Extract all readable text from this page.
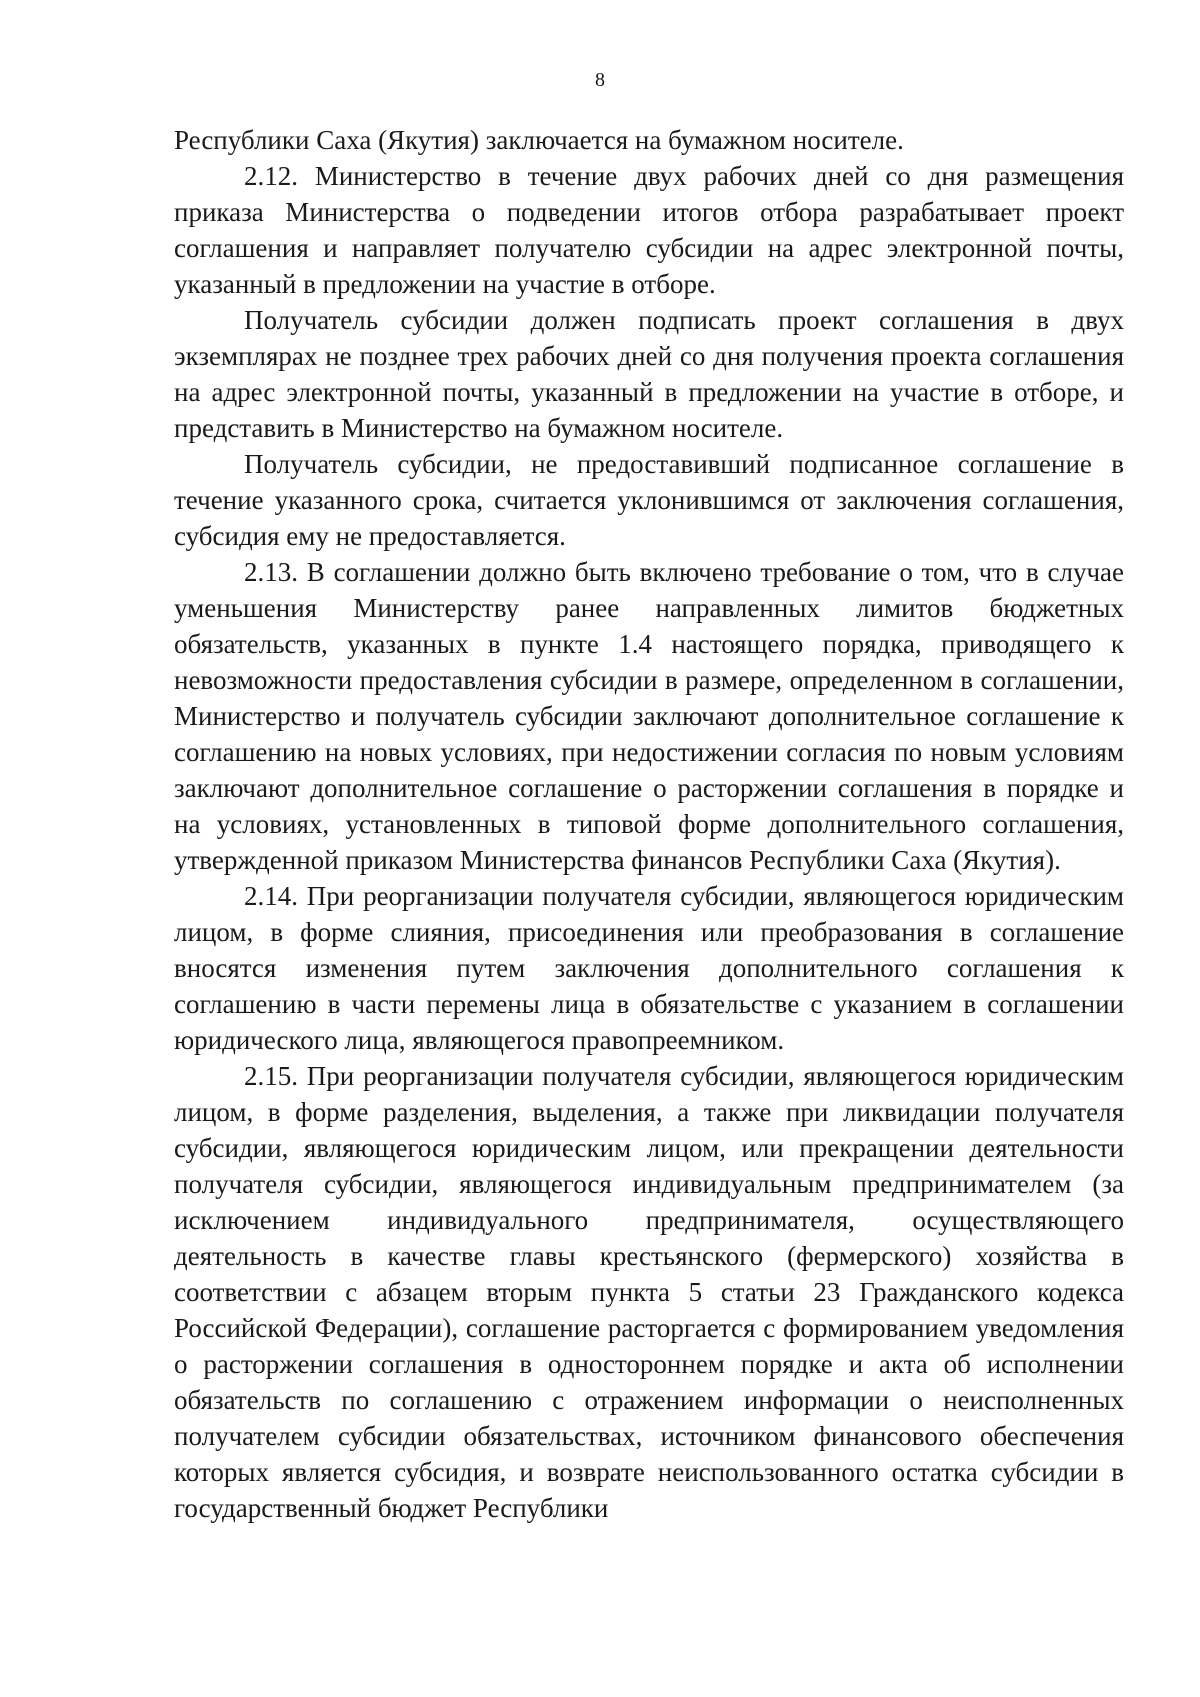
8

Республики Саха (Якутия) заключается на бумажном носителе.

2.12. Министерство в течение двух рабочих дней со дня размещения приказа Министерства о подведении итогов отбора разрабатывает проект соглашения и направляет получателю субсидии на адрес электронной почты, указанный в предложении на участие в отборе.

Получатель субсидии должен подписать проект соглашения в двух экземплярах не позднее трех рабочих дней со дня получения проекта соглашения на адрес электронной почты, указанный в предложении на участие в отборе, и представить в Министерство на бумажном носителе.

Получатель субсидии, не предоставивший подписанное соглашение в течение указанного срока, считается уклонившимся от заключения соглашения, субсидия ему не предоставляется.

2.13. В соглашении должно быть включено требование о том, что в случае уменьшения Министерству ранее направленных лимитов бюджетных обязательств, указанных в пункте 1.4 настоящего порядка, приводящего к невозможности предоставления субсидии в размере, определенном в соглашении, Министерство и получатель субсидии заключают дополнительное соглашение к соглашению на новых условиях, при недостижении согласия по новым условиям заключают дополнительное соглашение о расторжении соглашения в порядке и на условиях, установленных в типовой форме дополнительного соглашения, утвержденной приказом Министерства финансов Республики Саха (Якутия).

2.14. При реорганизации получателя субсидии, являющегося юридическим лицом, в форме слияния, присоединения или преобразования в соглашение вносятся изменения путем заключения дополнительного соглашения к соглашению в части перемены лица в обязательстве с указанием в соглашении юридического лица, являющегося правопреемником.

2.15. При реорганизации получателя субсидии, являющегося юридическим лицом, в форме разделения, выделения, а также при ликвидации получателя субсидии, являющегося юридическим лицом, или прекращении деятельности получателя субсидии, являющегося индивидуальным предпринимателем (за исключением индивидуального предпринимателя, осуществляющего деятельность в качестве главы крестьянского (фермерского) хозяйства в соответствии с абзацем вторым пункта 5 статьи 23 Гражданского кодекса Российской Федерации), соглашение расторгается с формированием уведомления о расторжении соглашения в одностороннем порядке и акта об исполнении обязательств по соглашению с отражением информации о неисполненных получателем субсидии обязательствах, источником финансового обеспечения которых является субсидия, и возврате неиспользованного остатка субсидии в государственный бюджет Республики
